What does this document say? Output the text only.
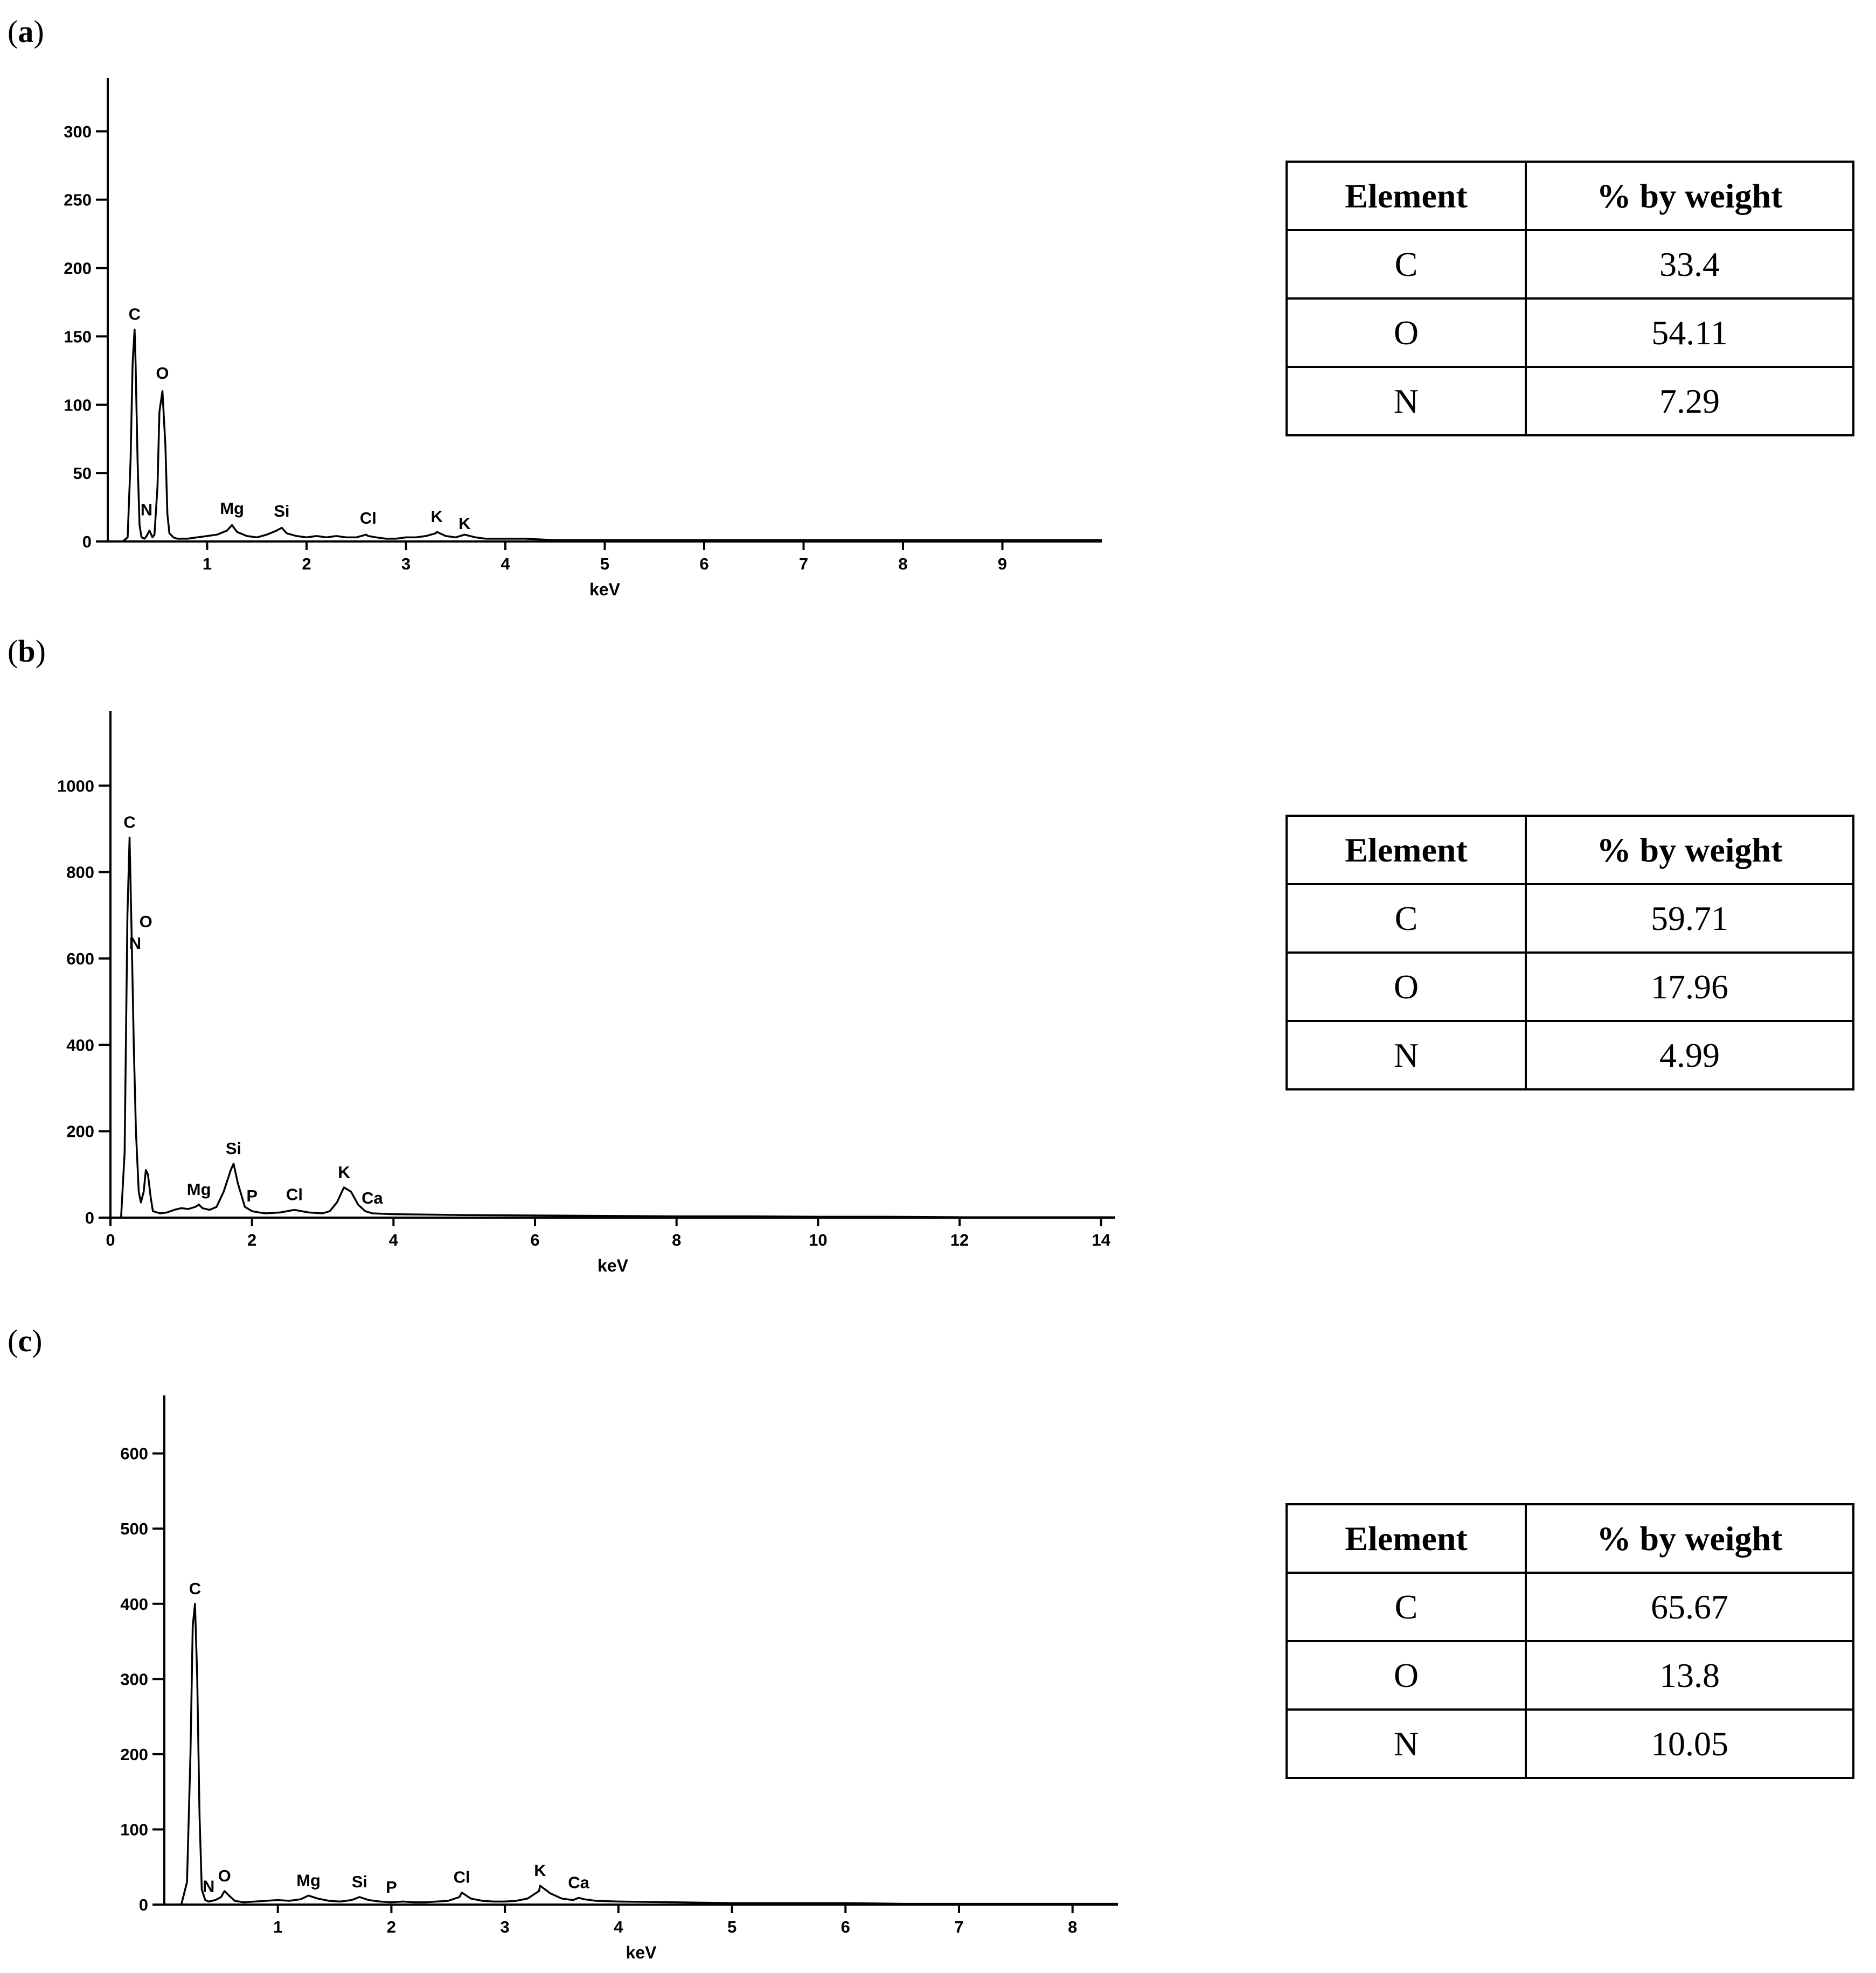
(a)
0
50
100
150
200
250
300
1	2	3	4	5	6	7	8	9
keV
C
O
N	Mg Si	Cl	K K
Element	% by weight
C	33.4
O	54.11
N	7.29
(b)
0
200
400
600
800
1000
0	2	4	6	8	10	12	14
keV
C
O
N
Mg
Si
P Cl
K
Ca
Element	% by weight
C	59.71
O	17.96
N	4.99
(c)
0
100
200
300
400
500
600
1	2	3	4	5	6	7	8
keV
C
N
O	Mg Si P
Cl	K
Ca
Element	% by weight
C	65.67
O	13.8
N	10.05
